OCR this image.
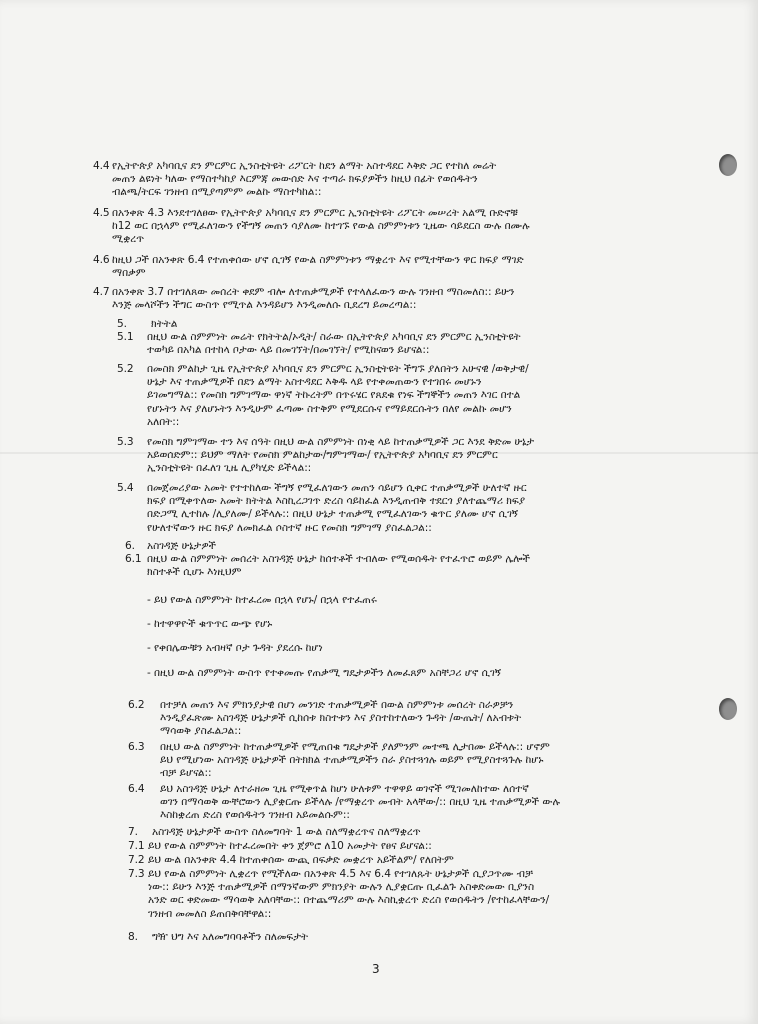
4.4 የኢትዮጵያ አካባቢና ደን ምርምር ኢንስቲትዩት ሪፖርት ከደን ልማት አስተዳደር እቅድ ጋር የተከለ መሬት
መጠን ልዩነት ካለው የማስተካከያ እርምጃ መውሰድ እና ተጣራ ክፍያዎችን ከዚህ በፊት የወሰዱትን
ብልጫ/ትርፍ ገንዘብ በሚያጣምም መልኩ ማስተካከል::
4.5 በአንቀጽ 4.3 እንደተገለፀው የኢትዮጵያ አካባቢና ደን ምርምር ኢንስቲትዩት ሪፖርት መሠረት አልሚ ቡድኖቹ
ከ12 ወር በኋላም የሚፈለገውን የችግኝ መጠን ሳያለሙ ከተገኙ የውል ስምምነቱን ጊዜው ሳይደርስ ውሉ በሙሉ
ሚቋረጥ
4.6 ከዚህ ጋች በአንቀጽ 6.4 የተጠቀሰው ሆኖ ሲገኝ የውል ስምምነቱን ማቋረጥ እና የሚተቸውን ዋር ክፍያ ማገድ
ማበቃም
4.7 በአንቀጽ 3.7 በተገለጸው መሰረት ቀደም ብሎ ለተጠቃሚዎች የተላለፈውን ውሉ ገንዘብ ማስመለስ:: ይሁን
እንጅ መላሾችን ችግር ውስጥ የሚጥል እንዳይሆን እንዲመለሱ ቢደረግ ይመረጣል::
5. ክትትል
5.1 በዚህ ውል ስምምነት መሬት የክትትል/ኦዲት/ ስራው በኢትዮጵያ አካባቢና ደን ምርምር ኢንስቲትዩት
ተወካይ በአካል በተከላ ቦታው ላይ በመገኘት/በመገኘት/ የሚከናወን ይሆናል::
5.2 በመስክ ምልከታ ጊዜ የኢትዮጵያ አካባቢና ደን ምርምር ኢንስቲትዩት ችግኙ ያለበትን አሁናዊ /ወቅታዊ/
ሁኔታ እና ተጠቃሚዎች በደን ልማት አስተዳደር እቅዱ ላይ የተቀመጠውን የተገበሩ መሆኑን
ይገመግማል:: የመስክ ግምገማው ዋነኛ ትኩረትም በጥሩሄር የጸደቁ የነፍ ችግኞችን መጠን እገር በተል
የሆኑትን እና ያለሆኑትን እንዲሁም ፈጣሙ ስተቅም የሚደርሱና የማይደርሱትን በለየ መልኩ መሆን
አለበት::
5.3 የመስክ ግምገማው ተን እና ሰዓት በዚህ ውል ስምምነት በነቂ ላይ ከተጠቃሚዎች ጋር እንደ ቅድመ ሁኔታ
አይወሰድም:: ይህም ማለት የመስክ ምልከታው/ግምገማው/ የኢትዮጵያ አካባቢና ደን ምርምር
ኢንስቲትዩት በፈለገ ጊዜ ሊያካሂድ ይችላል::
5.4 በመጀመሪያው አመት የተተከለው ችግኝ የሚፈለገውን መጠን ሳይሆን ሲቀር ተጠቃሚዎች ሁለተኛ ዙር
ክፍያ በሚቀጥለው አመት ክትትል እስኪረጋገጥ ድረስ ሳይከፈል እንዲጠብቅ ተደርጎ ያለተጨማሪ ክፍያ
በድጋሚ ሊተከሉ /ሊያለሙ/ ይችላሉ:: በዚህ ሁኔታ ተጠቃሚ የሚፈለገውን ቁጥር ያለሙ ሆኖ ሲገኝ
የሁለተኛውን ዙር ክፍያ ለመክፈል ሶስተኛ ዙር የመስክ ግምገማ ያስፈልጋል::
6. አስገዳጅ ሁኔታዎች
6.1 በዚህ ውል ስምምነት መሰረት አስገዳጅ ሁኔታ ከሰተቶች ተብለው የሚወሰዱት የተፈጥሮ ወይም ሌሎች
ክስተቶች ሲሆኑ እነዚህም
- ይህ የውል ስምምነት ከተፈረመ በኋላ የሆኑ/ በኋላ የተፈጠሩ
- ከተዋዋዮች ቁጥጥር ውጭ የሆኑ
- የቀበሌውቹን አብዛኛ ቦታ ጉዳት ያደረሱ ከሆነ
- በዚህ ውል ስምምነት ውስጥ የተቀመጡ የጠቃሚ ግዴታዎችን ለመፈጸም አስቸጋሪ ሆኖ ሲገኝ
6.2 በተቻለ መጠን እና ምክንያታዊ በሆነ መንገድ ተጠቃሚዎች በውል ስምምነቱ መሰረት ስራዎቻን
እንዲያፈጽሙ አስገዳጅ ሁኔታዎች ሲከሰቱ ክስተቱን እና ያስተከተለውን ጉዳት /ውጤት/ ለአብቱት
ማሳወቅ ያስፈልጋል::
6.3 በዚህ ውል ስምምነት ከተጠቃሚዎች የሚጠበቁ ግዴታዎች ያለምንም መተጫ ሊታበሙ ይችላሉ:: ሆኖም
ይህ የሚሆነው አስገዳጅ ሁኔታዎች በትክክል ተጠቃሚዎችን ስራ ያስተጓጎሉ ወይም የሚያስተጓጉሉ ከሆኑ
ብቻ ይሆናል::
6.4 ይህ አስገዳጅ ሁኔታ ለተራዘመ ጊዜ የሚቀጥል ከሆነ ሁለቱም ተዋዋይ ወገኖች ሚገመለከተው ለሰተኛ
ወገን በማሳወቅ ውቸሮውን ሊያቋርጡ ይችላሉ /የማቋረጥ መብት አላቸው/:: በዚህ ጊዜ ተጠቃሚዎች ውሉ
እስከቋረጠ ድረስ የወሰዱትን ገንዘብ አይመልሱም::
7. አስገዳጅ ሁኔታዎች ውስጥ ስለመግባት 1 ውል ስለማቋረጥና ስለማቋረጥ
7.1 ይህ የውል ስምምነት ከተፈረመበት ቀን ጀምሮ ለ10 አመታት የፀና ይሆናል::
7.2 ይህ ውል በአንቀጽ 4.4 ከተጠቀሰው ውጪ በፍቃድ መቋረጥ አይችልም/ የለበትም
7.3 ይህ የውል ስምምነት ሊቋረጥ የሚችለው በአንቀጽ 4.5 እና 6.4 የተገለጹት ሁኔታዎች ሲያጋጥሙ ብቻ
ነው:: ይሁን እንጅ ተጠቃሚዎች በማንኛውም ምክንያት ውሉን ሊያቋርጡ ቢፈልጉ አስቀድመው ቢያንስ
አንድ ወር ቀድመው ማሳወቅ አለባቸው:: በተጨማሪም ውሉ እስኪቋረጥ ድረስ የወሰዱትን /የተከፈላቸውን/
ገንዘብ መመለስ ይጠበቅባቸዋል::
8. ግዥ ህግ እና አለመግባባቶችን ስለመፍታት
3
